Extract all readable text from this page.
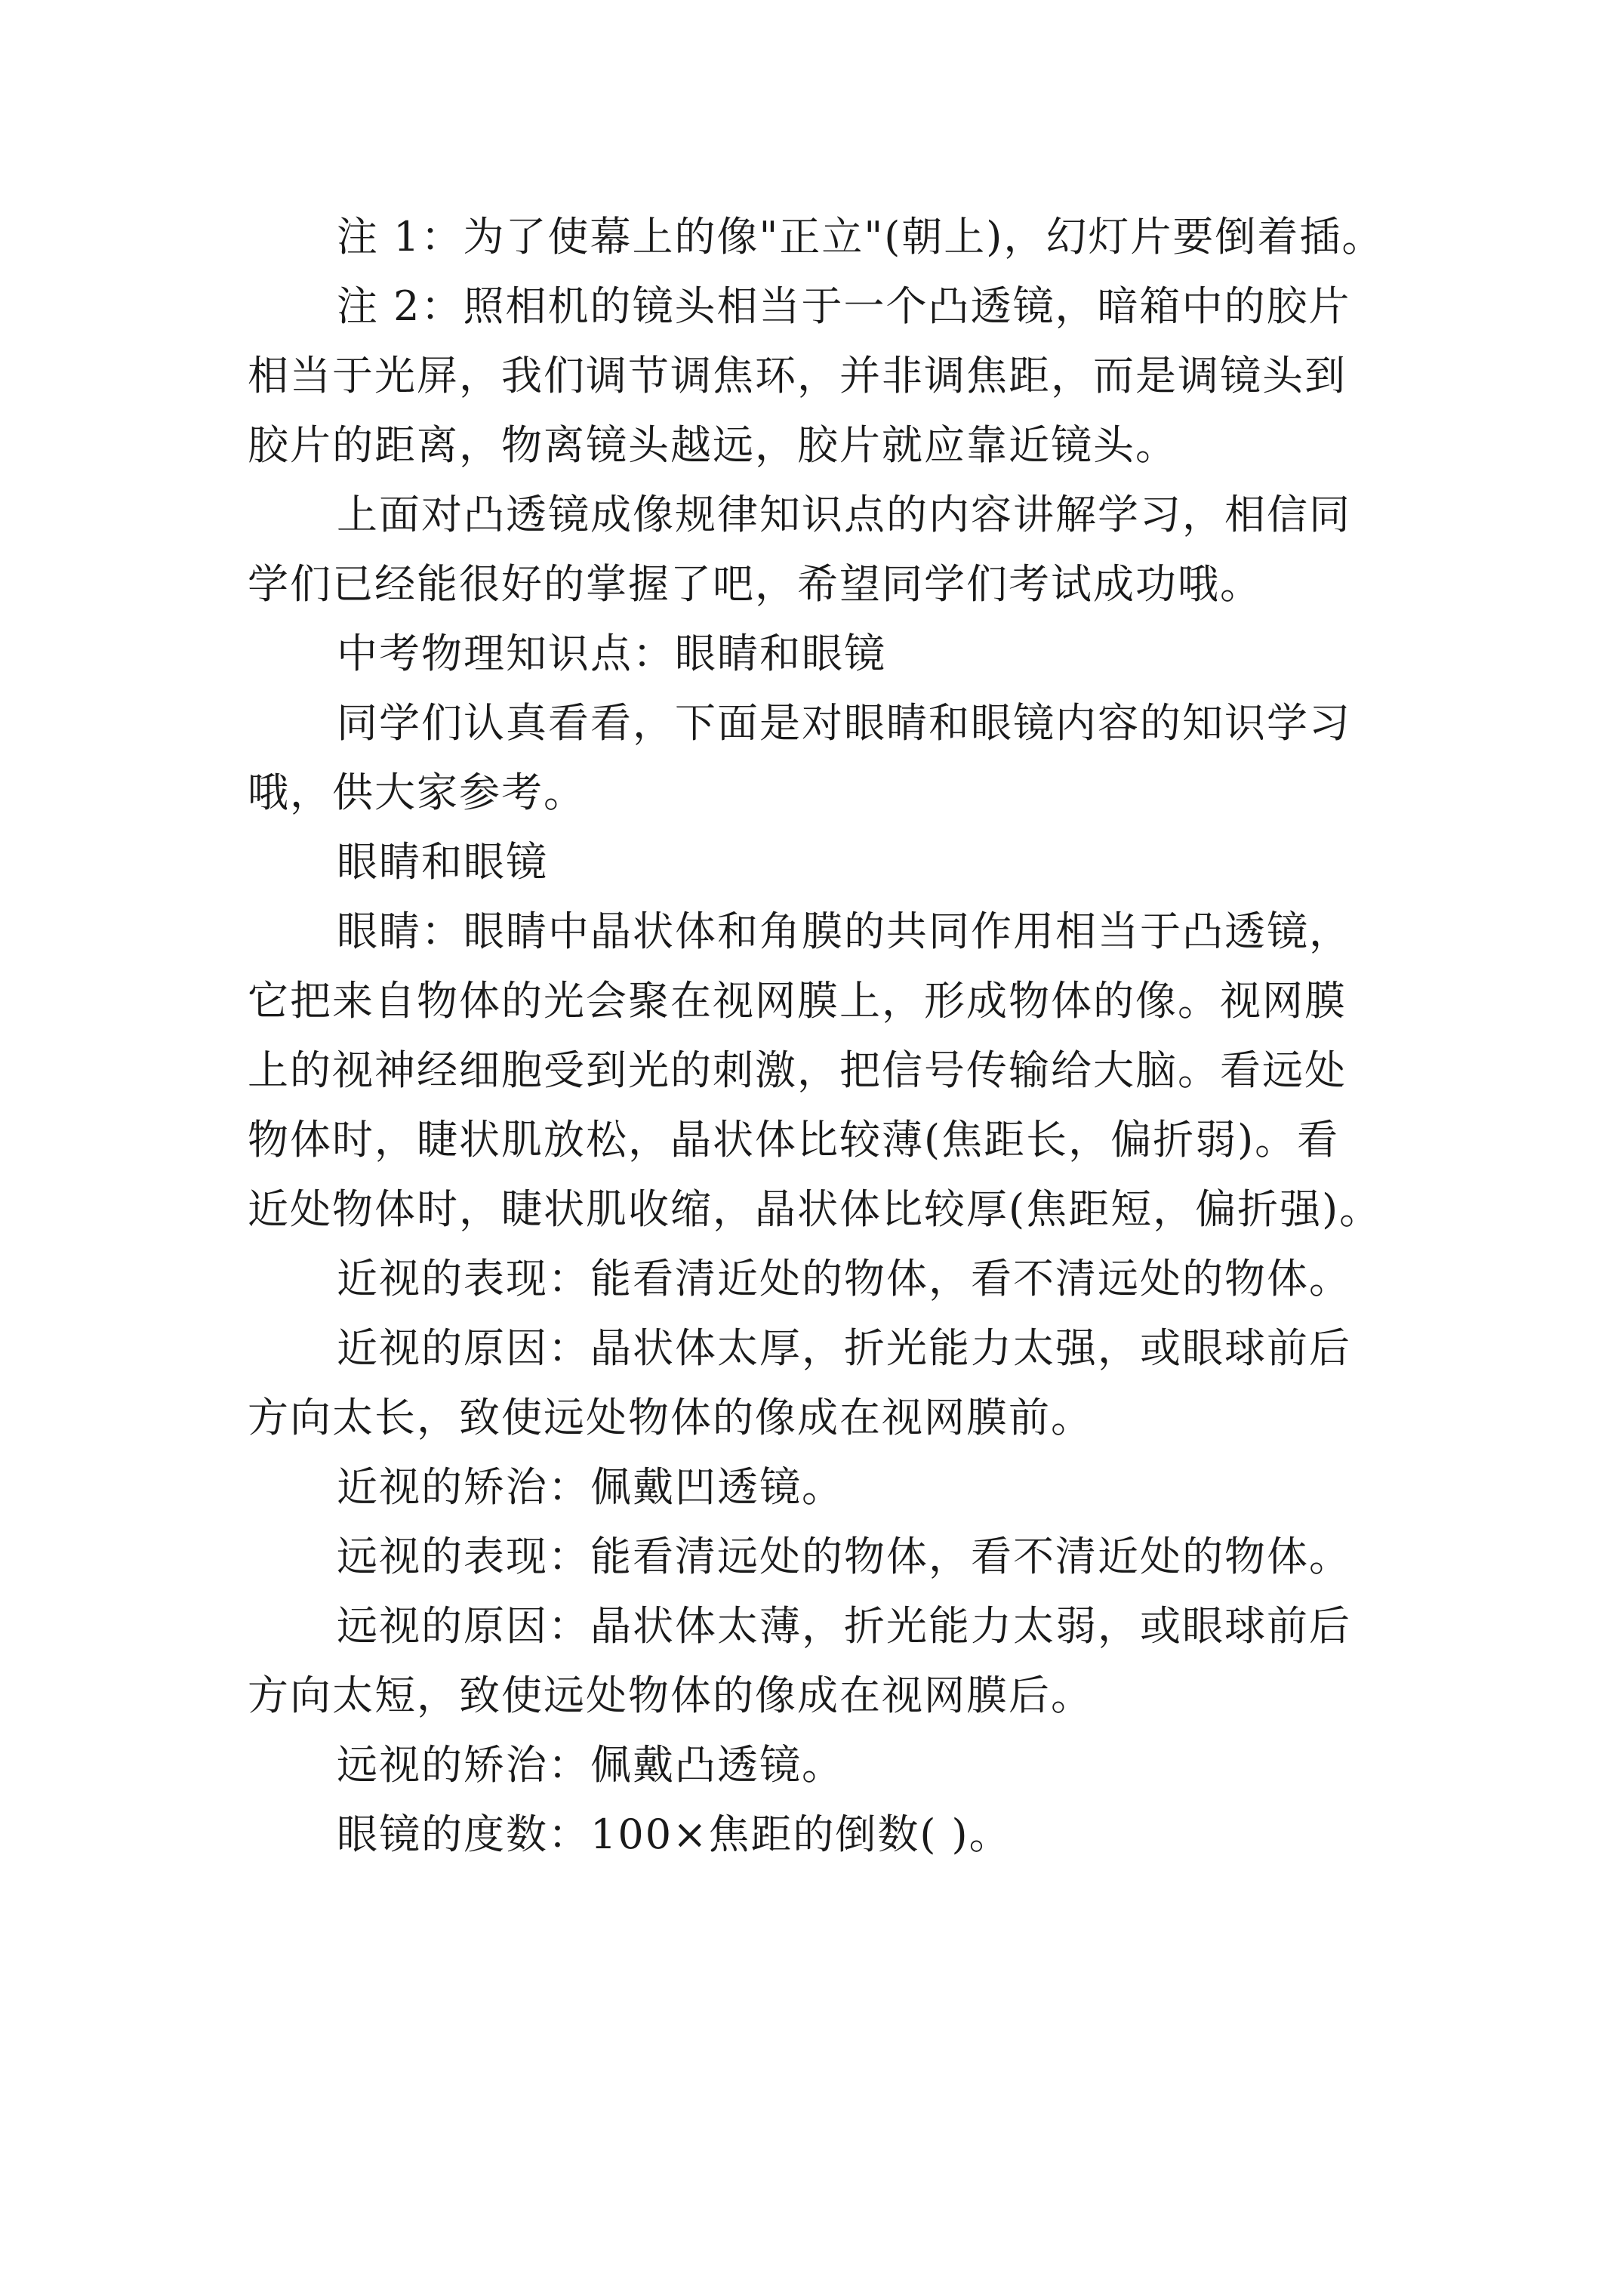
注 1：为了使幕上的像"正立"(朝上)，幻灯片要倒着插。

注 2：照相机的镜头相当于一个凸透镜，暗箱中的胶片
相当于光屏，我们调节调焦环，并非调焦距，而是调镜头到
胶片的距离，物离镜头越远，胶片就应靠近镜头。

上面对凸透镜成像规律知识点的内容讲解学习，相信同
学们已经能很好的掌握了吧，希望同学们考试成功哦。

中考物理知识点：眼睛和眼镜

同学们认真看看，下面是对眼睛和眼镜内容的知识学习
哦，供大家参考。

眼睛和眼镜

眼睛：眼睛中晶状体和角膜的共同作用相当于凸透镜，
它把来自物体的光会聚在视网膜上，形成物体的像。视网膜
上的视神经细胞受到光的刺激，把信号传输给大脑。看远处
物体时，睫状肌放松，晶状体比较薄(焦距长，偏折弱)。看
近处物体时，睫状肌收缩，晶状体比较厚(焦距短，偏折强)。

近视的表现：能看清近处的物体，看不清远处的物体。

近视的原因：晶状体太厚，折光能力太强，或眼球前后
方向太长，致使远处物体的像成在视网膜前。

近视的矫治：佩戴凹透镜。

远视的表现：能看清远处的物体，看不清近处的物体。

远视的原因：晶状体太薄，折光能力太弱，或眼球前后
方向太短，致使远处物体的像成在视网膜后。

远视的矫治：佩戴凸透镜。

眼镜的度数：100×焦距的倒数( )。
